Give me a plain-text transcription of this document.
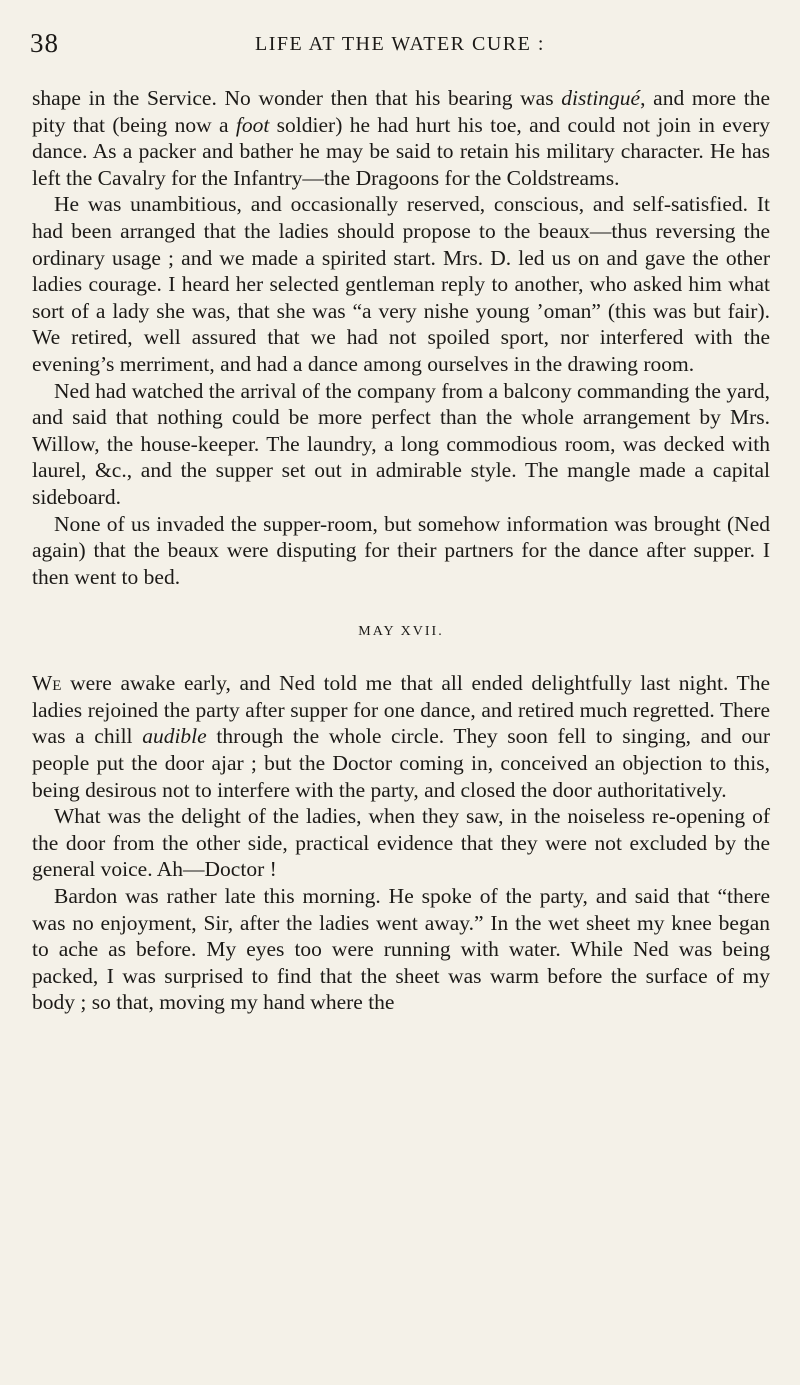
38	LIFE AT THE WATER CURE :

shape in the Service. No wonder then that his bearing was distingué, and more the pity that (being now a foot soldier) he had hurt his toe, and could not join in every dance. As a packer and bather he may be said to retain his military character. He has left the Cavalry for the Infantry—the Dragoons for the Coldstreams.

He was unambitious, and occasionally reserved, conscious, and self-satisfied. It had been arranged that the ladies should propose to the beaux—thus reversing the ordinary usage ; and we made a spirited start. Mrs. D. led us on and gave the other ladies courage. I heard her selected gentleman reply to another, who asked him what sort of a lady she was, that she was “a very nishe young ’oman” (this was but fair). We retired, well assured that we had not spoiled sport, nor interfered with the evening’s merriment, and had a dance among ourselves in the drawing room.

Ned had watched the arrival of the company from a balcony commanding the yard, and said that nothing could be more perfect than the whole arrangement by Mrs. Willow, the house-keeper. The laundry, a long commodious room, was decked with laurel, &c., and the supper set out in admirable style. The mangle made a capital sideboard.

None of us invaded the supper-room, but somehow information was brought (Ned again) that the beaux were disputing for their partners for the dance after supper. I then went to bed.

MAY XVII.

We were awake early, and Ned told me that all ended delightfully last night. The ladies rejoined the party after supper for one dance, and retired much regretted. There was a chill audible through the whole circle. They soon fell to singing, and our people put the door ajar ; but the Doctor coming in, conceived an objection to this, being desirous not to interfere with the party, and closed the door authoritatively.

What was the delight of the ladies, when they saw, in the noiseless re-opening of the door from the other side, practical evidence that they were not excluded by the general voice. Ah—Doctor !

Bardon was rather late this morning. He spoke of the party, and said that “there was no enjoyment, Sir, after the ladies went away.” In the wet sheet my knee began to ache as before. My eyes too were running with water. While Ned was being packed, I was surprised to find that the sheet was warm before the surface of my body ; so that, moving my hand where the
